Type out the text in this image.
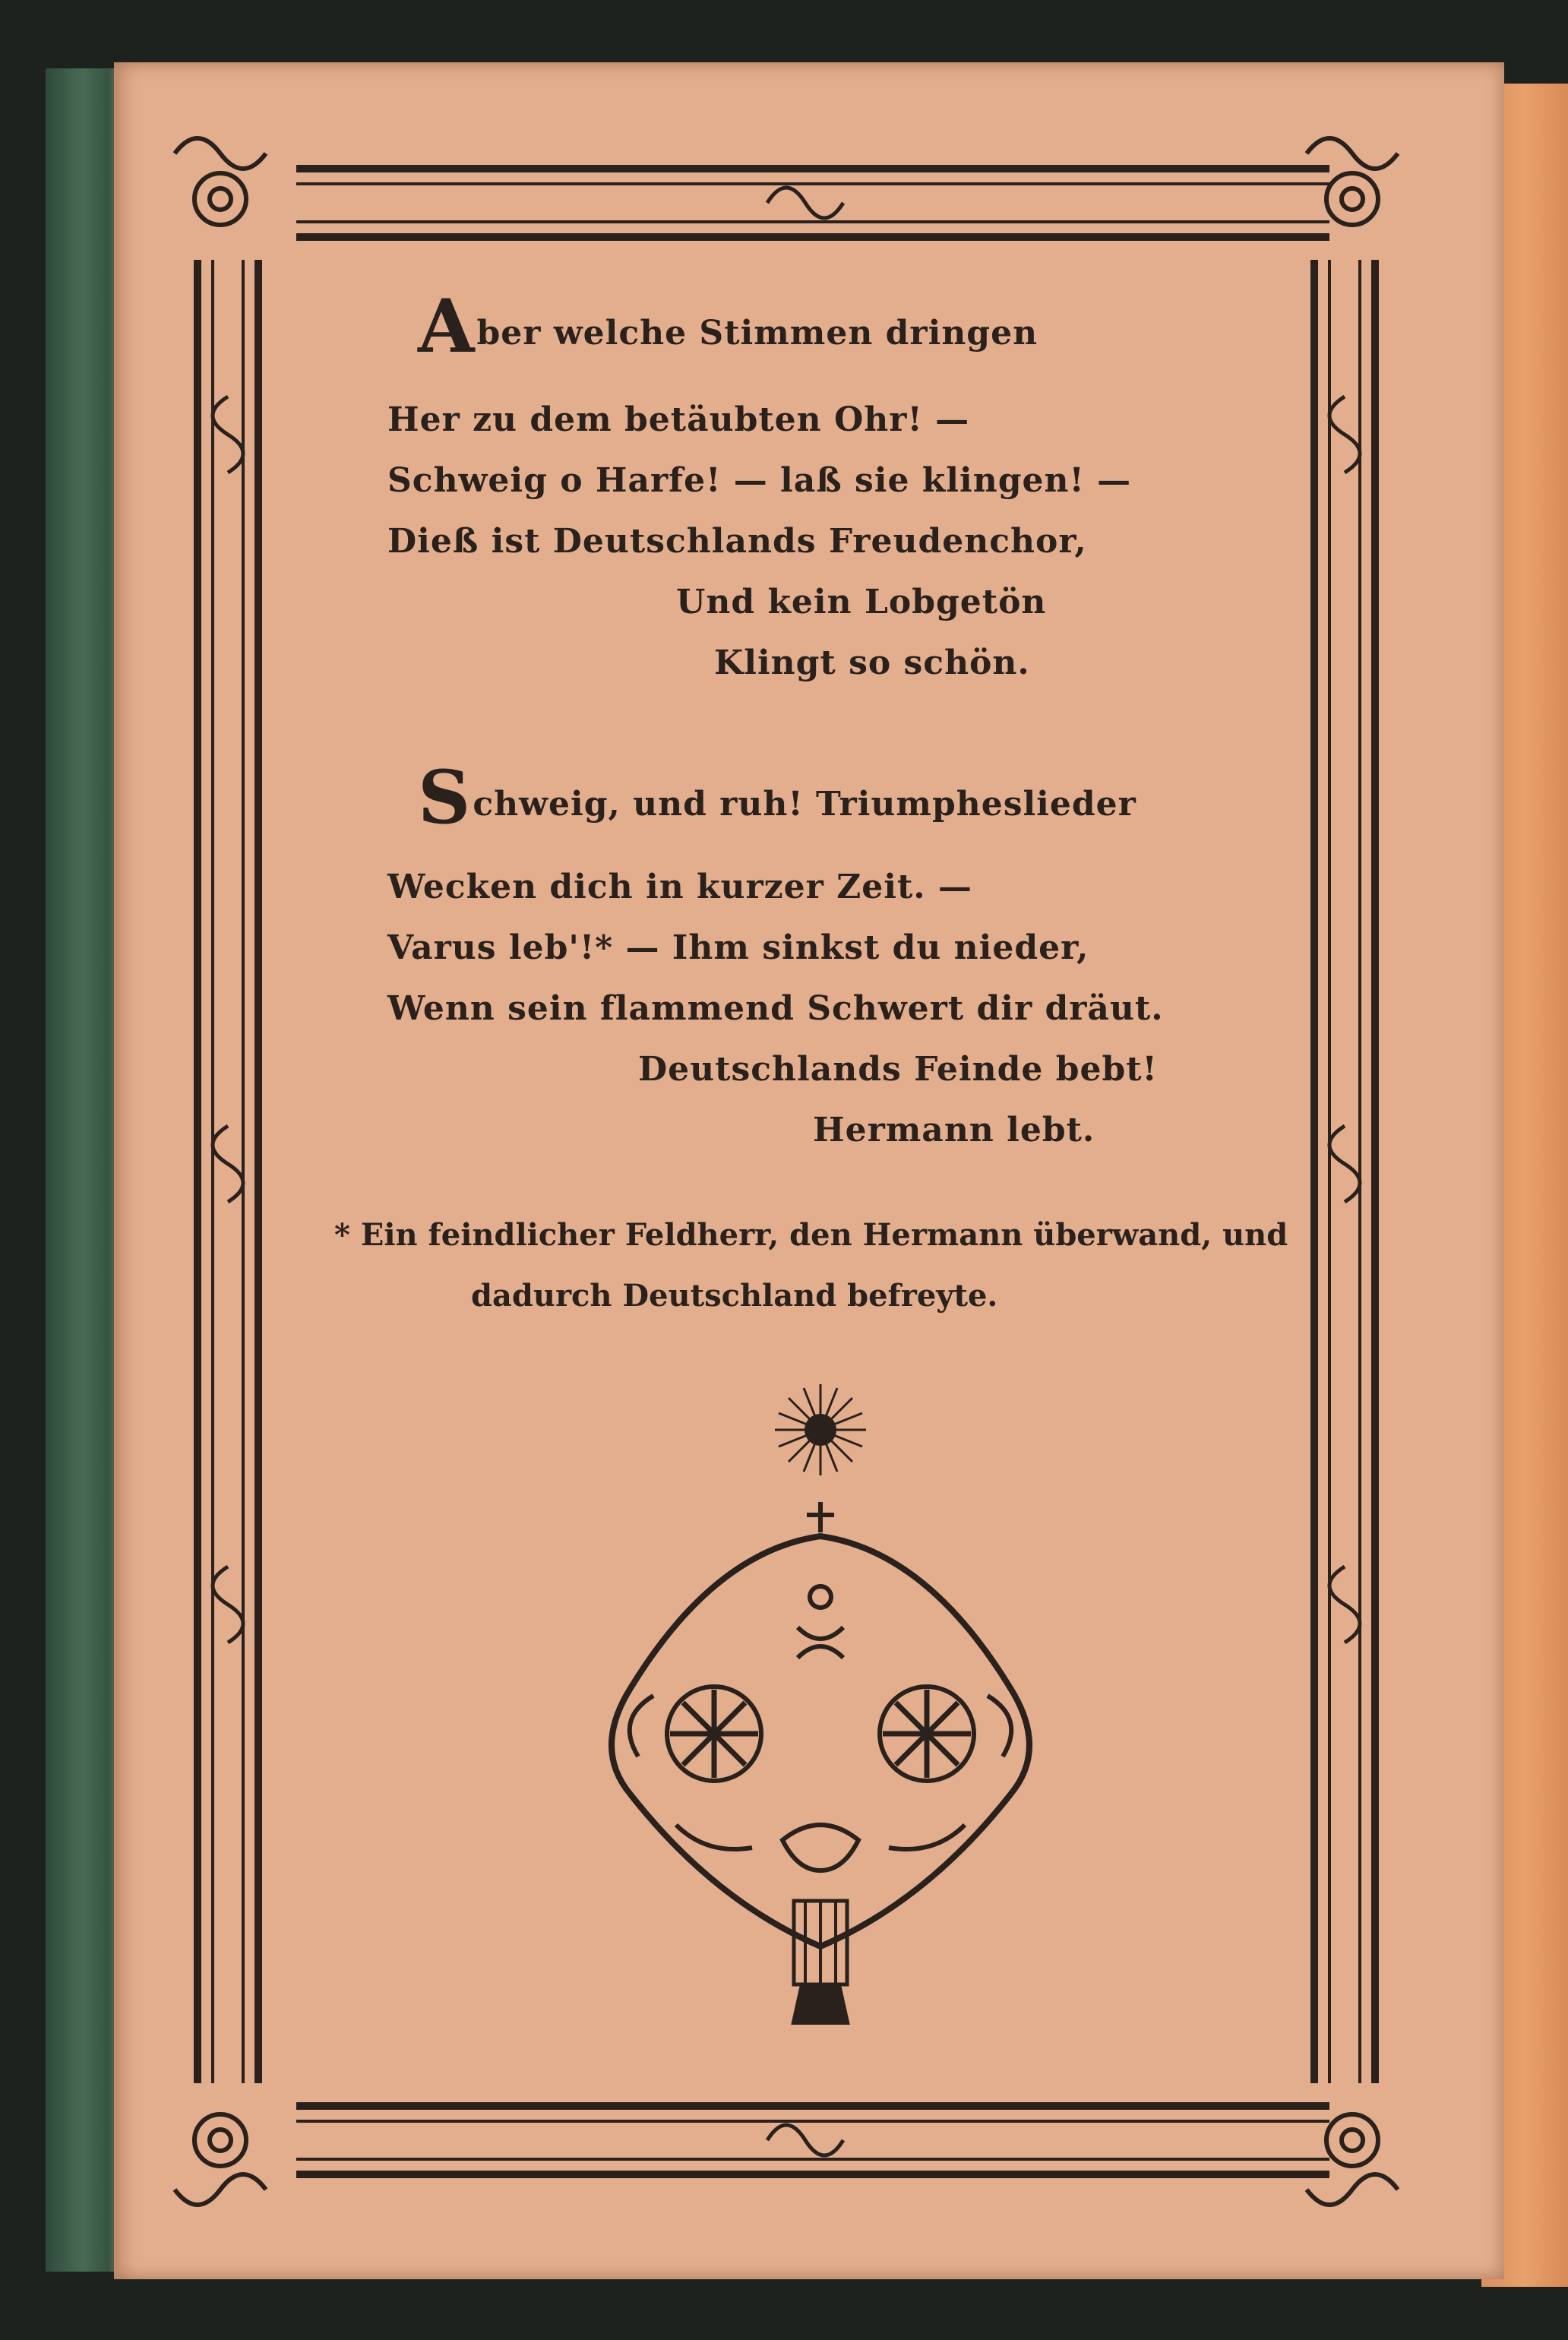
Aber welche Stimmen dringen
Her zu dem betäubten Ohr! —
Schweig o Harfe! — laß sie klingen! —
Dieß ist Deutschlands Freudenchor,
Und kein Lobgetön
Klingt so schön.
Schweig, und ruh! Triumphеslieder
Wecken dich in kurzer Zeit. —
Varus leb'!* — Ihm sinkst du nieder,
Wenn sein flammend Schwert dir dräut.
Deutschlands Feinde bebt!
Hermann lebt.
* Ein feindlicher Feldherr, den Hermann überwand, und
dadurch Deutschland befreyte.
